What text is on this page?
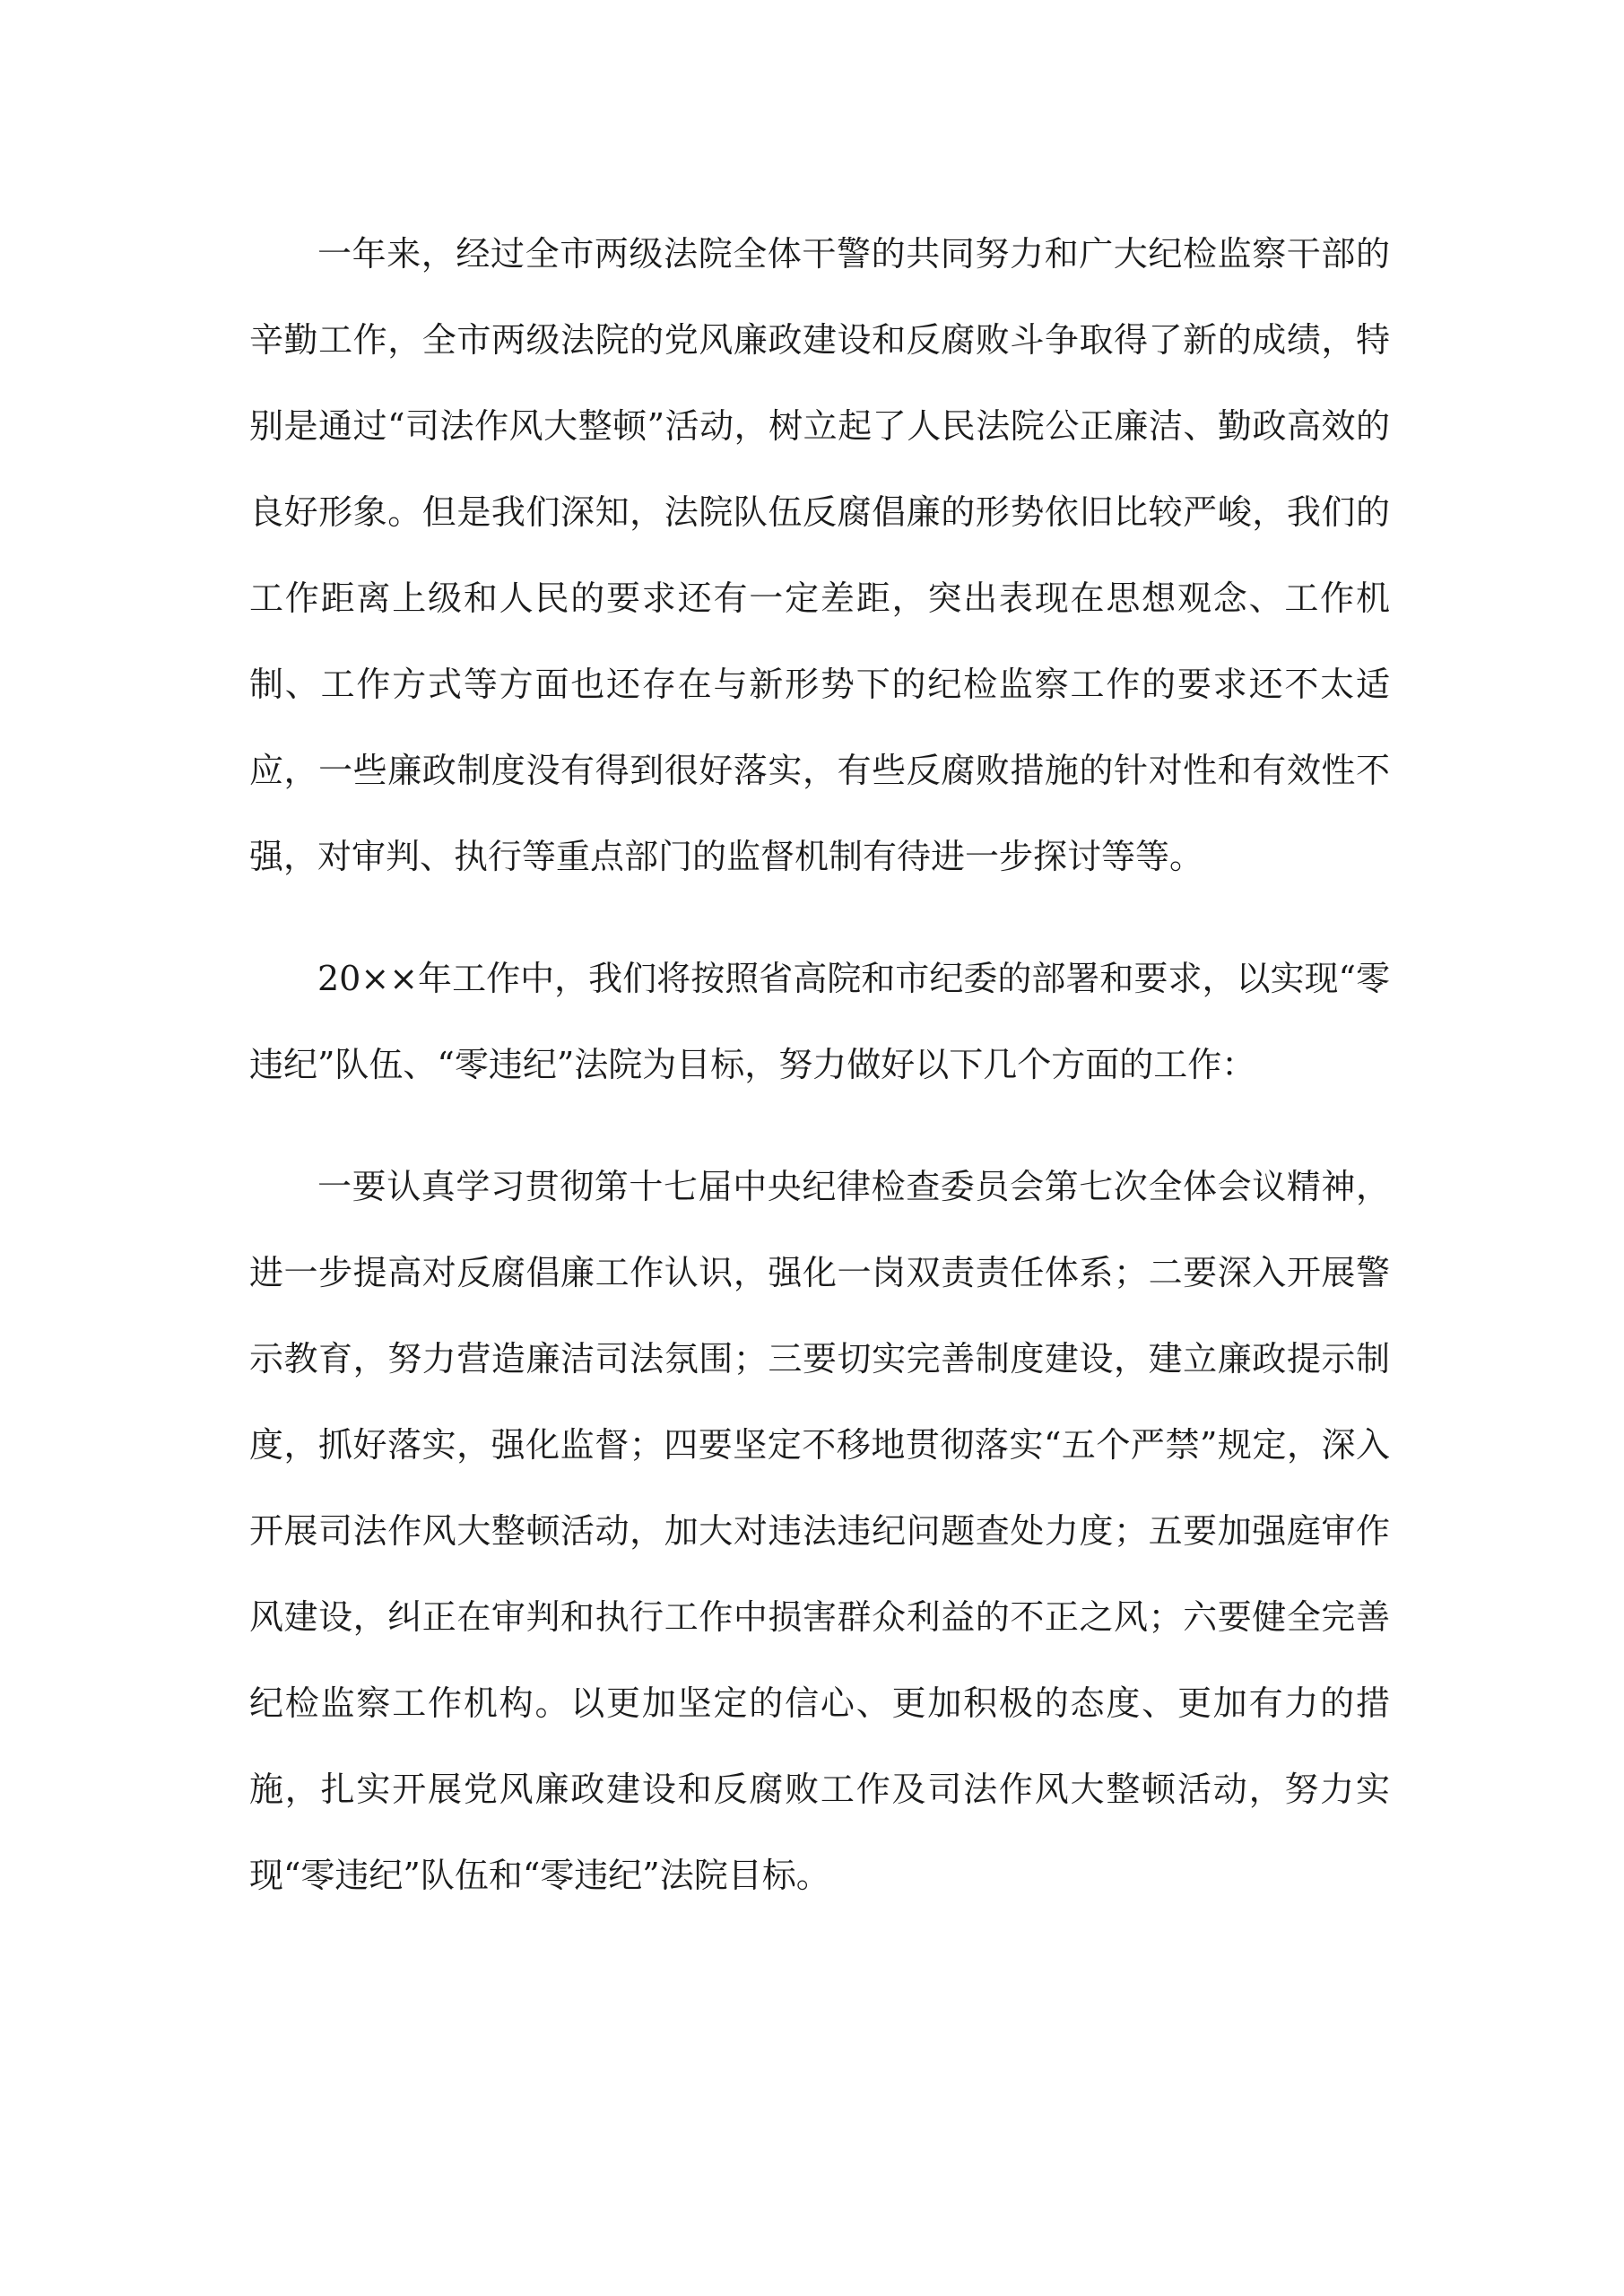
一年来，经过全市两级法院全体干警的共同努力和广大纪检监察干部的辛勤工作，全市两级法院的党风廉政建设和反腐败斗争取得了新的成绩，特别是通过“司法作风大整顿”活动，树立起了人民法院公正廉洁、勤政高效的良好形象。但是我们深知，法院队伍反腐倡廉的形势依旧比较严峻，我们的工作距离上级和人民的要求还有一定差距，突出表现在思想观念、工作机制、工作方式等方面也还存在与新形势下的纪检监察工作的要求还不太适应，一些廉政制度没有得到很好落实，有些反腐败措施的针对性和有效性不强，对审判、执行等重点部门的监督机制有待进一步探讨等等。

20××年工作中，我们将按照省高院和市纪委的部署和要求，以实现“零违纪”队伍、“零违纪”法院为目标，努力做好以下几个方面的工作：

一要认真学习贯彻第十七届中央纪律检查委员会第七次全体会议精神，进一步提高对反腐倡廉工作认识，强化一岗双责责任体系；二要深入开展警示教育，努力营造廉洁司法氛围；三要切实完善制度建设，建立廉政提示制度，抓好落实，强化监督；四要坚定不移地贯彻落实“五个严禁”规定，深入开展司法作风大整顿活动，加大对违法违纪问题查处力度；五要加强庭审作风建设，纠正在审判和执行工作中损害群众利益的不正之风；六要健全完善纪检监察工作机构。以更加坚定的信心、更加积极的态度、更加有力的措施，扎实开展党风廉政建设和反腐败工作及司法作风大整顿活动，努力实现“零违纪”队伍和“零违纪”法院目标。
